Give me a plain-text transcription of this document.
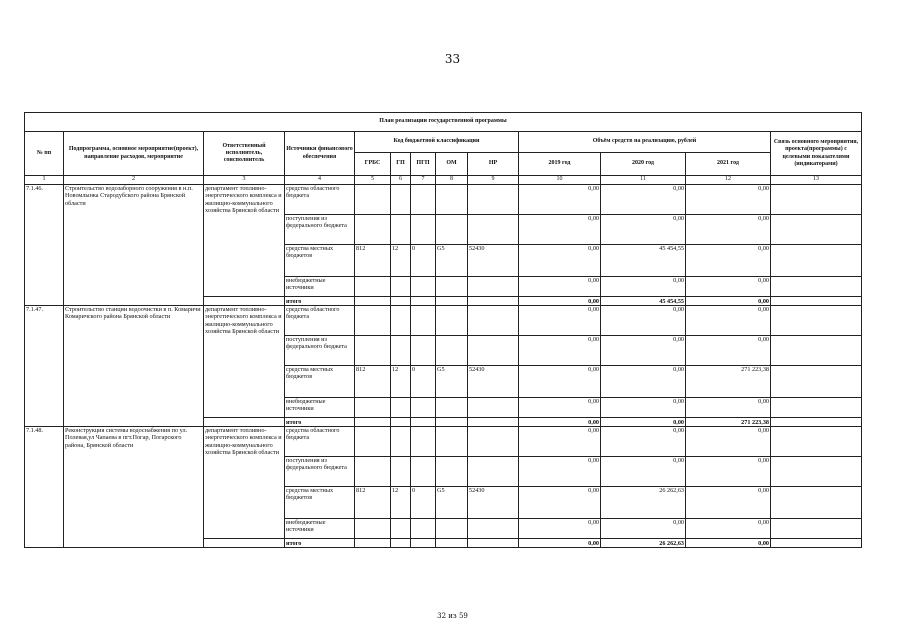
33
План реализации государственной программы												
№ пп	Подпрограмма, основное мероприятие(проект), направление расходов, мероприятие	Ответственный исполнитель, соисполнитель	Источники финансового обеспечения	Код бюджетной классификации					Объём средств на реализацию, рублей			Связь основного мероприятия, проекта(программы) с целевыми показателями (индикаторами)
				ГРБС	ГП	ПГП	ОМ	НР	2019 год	2020 год	2021 год	
1	2	3	4	5	6	7	8	9	10	11	12	13
7.1.46.	Строительство водозаборного сооружения в н.п. Новомлынка Стародубского района Брянской области	департамент топливно-энергетического комплекса и жилищно-коммунального хозяйства Брянской области	средства областного бюджета						0,00	0,00	0,00	
			поступления из федерального бюджета						0,00	0,00	0,00	
			средства местных бюджетов	812	12	0	G5	52430	0,00	45 454,55	0,00	
			внебюджетные источники						0,00	0,00	0,00	
			итого						0,00	45 454,55	0,00	
7.1.47.	Строительство станции водоочистки в п. Комаричи Комаричского района Брянской области	департамент топливно-энергетического комплекса и жилищно-коммунального хозяйства Брянской области	средства областного бюджета						0,00	0,00	0,00	
			поступления из федерального бюджета						0,00	0,00	0,00	
			средства местных бюджетов	812	12	0	G5	52430	0,00	0,00	271 223,38	
			внебюджетные источники						0,00	0,00	0,00	
			итого						0,00	0,00	271 223,38	
7.1.48.	Реконструкция системы водоснабжения по ул. Полевая,ул Чапаева в пгт.Погар, Погарского района, Брянской области	департамент топливно-энергетического комплекса и жилищно-коммунального хозяйства Брянской области	средства областного бюджета						0,00	0,00	0,00	
			поступления из федерального бюджета						0,00	0,00	0,00	
			средства местных бюджетов	812	12	0	G5	52430	0,00	26 262,63	0,00	
			внебюджетные источники						0,00	0,00	0,00	
			итого						0,00	26 262,63	0,00	
32 из 59
